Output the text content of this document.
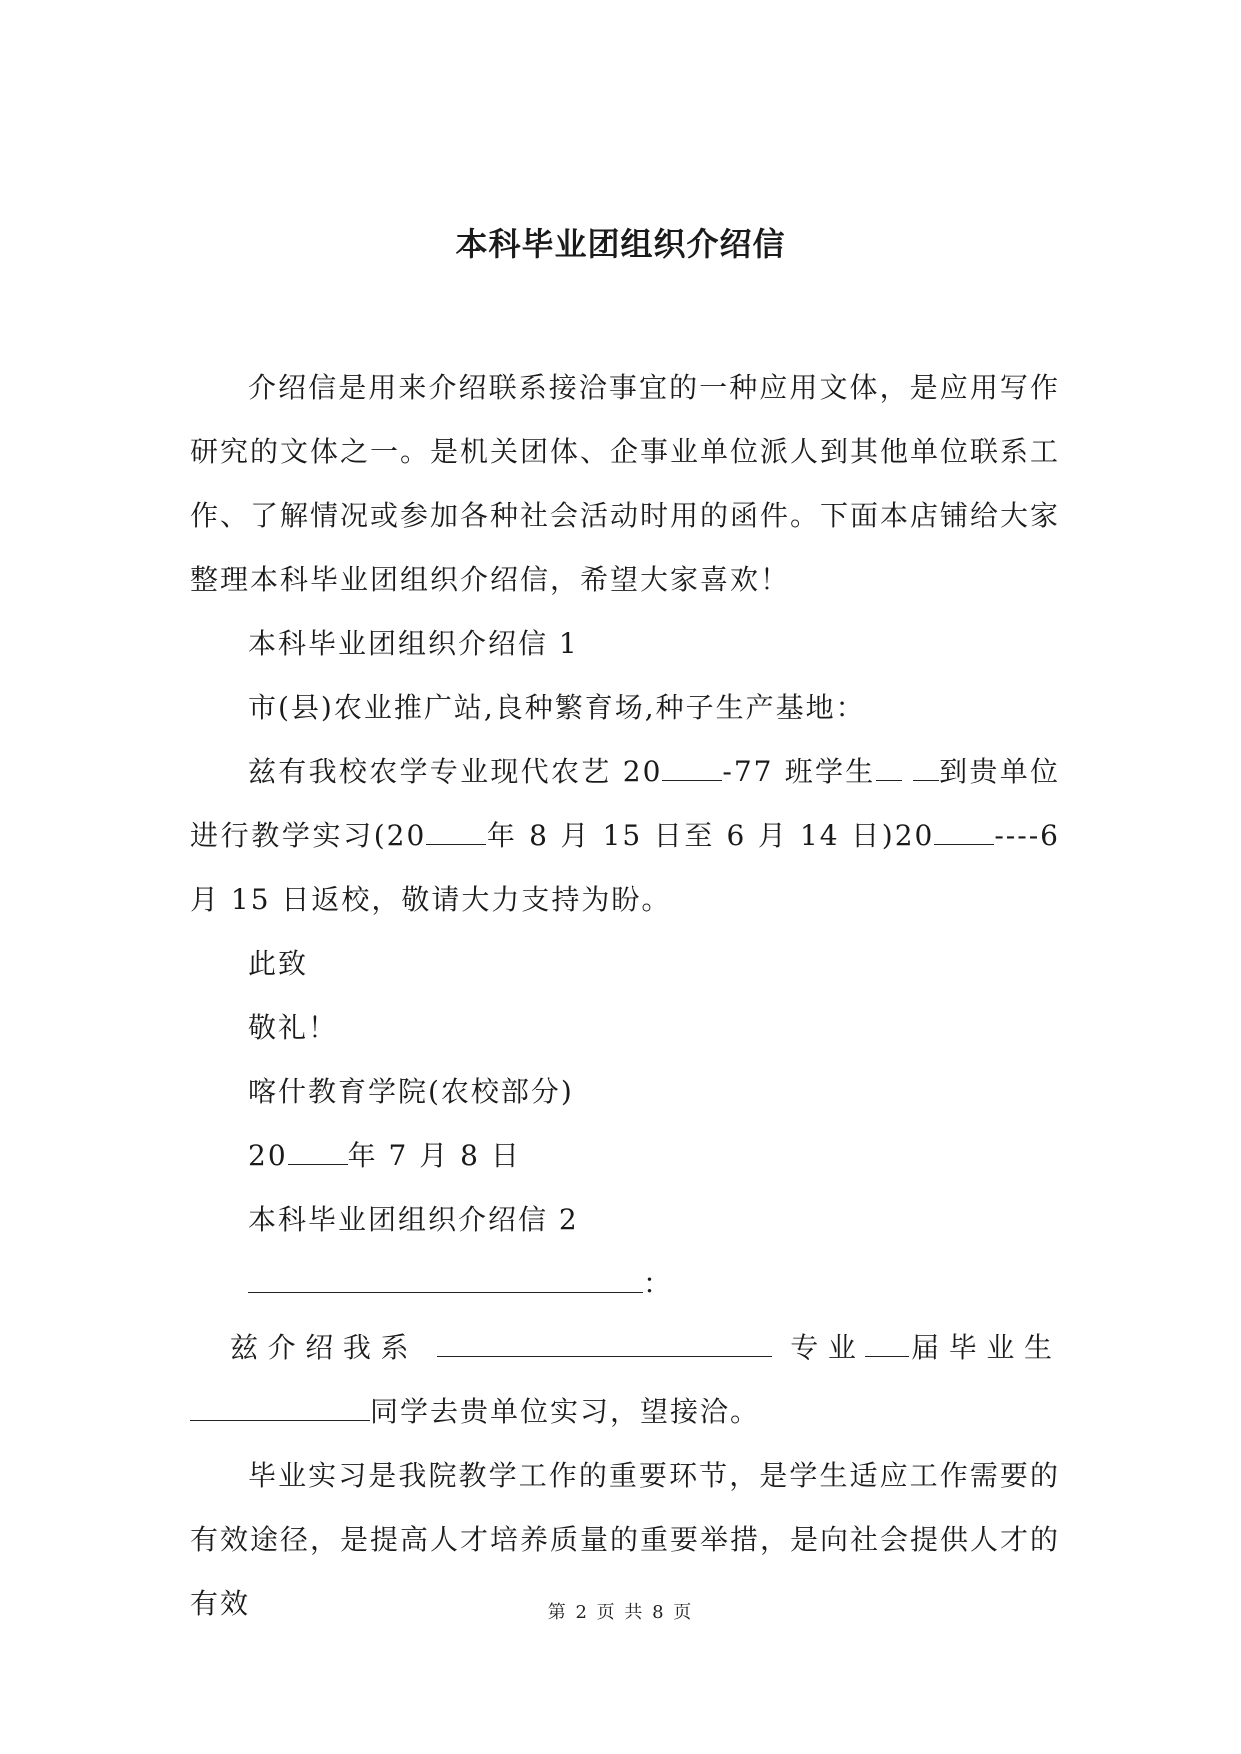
本科毕业团组织介绍信

介绍信是用来介绍联系接洽事宜的一种应用文体，是应用写作研究的文体之一。是机关团体、企事业单位派人到其他单位联系工作、了解情况或参加各种社会活动时用的函件。下面本店铺给大家整理本科毕业团组织介绍信，希望大家喜欢！

本科毕业团组织介绍信 1

市(县)农业推广站,良种繁育场,种子生产基地：

兹有我校农学专业现代农艺 20 -77 班学生 到贵单位进行教学实习(20 年 8 月 15 日至 6 月 14 日)20 ----6 月 15 日返校，敬请大力支持为盼。

此致

敬礼！

喀什教育学院(农校部分)

20 年 7 月 8 日

本科毕业团组织介绍信 2

：

兹介绍我系	专业 届毕业生

同学去贵单位实习，望接洽。

毕业实习是我院教学工作的重要环节，是学生适应工作需要的有效途径，是提高人才培养质量的重要举措，是向社会提供人才的有效	第 2 页 共 8 页
